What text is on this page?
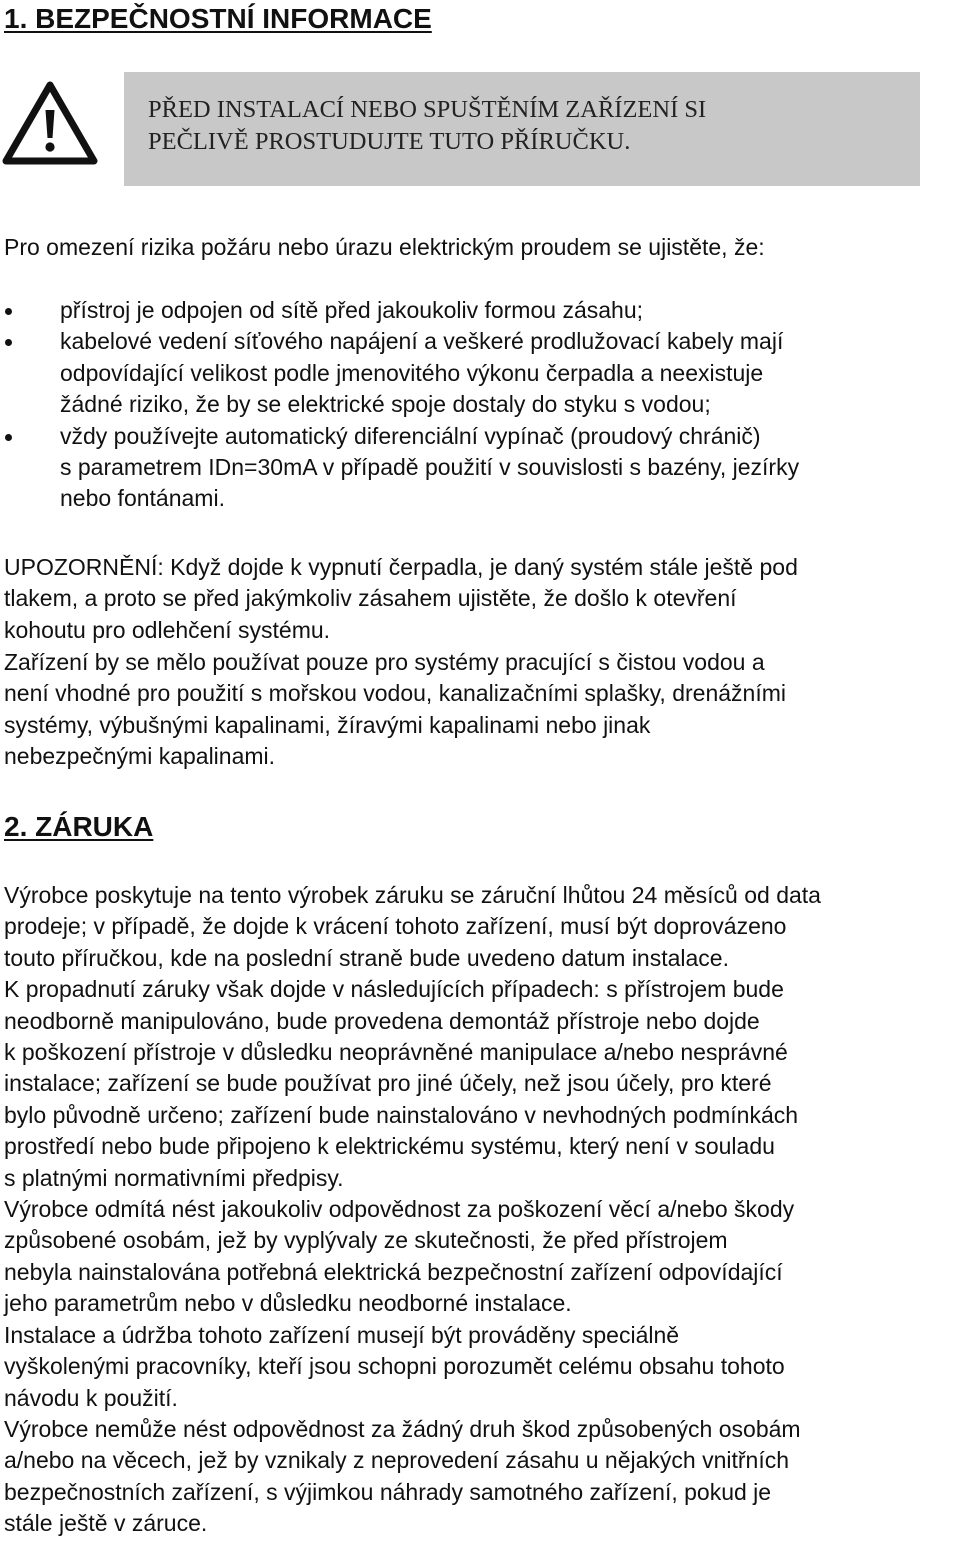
1. BEZPEČNOSTNÍ INFORMACE
PŘED INSTALACÍ NEBO SPUŠTĚNÍM ZAŘÍZENÍ SI
PEČLIVĚ PROSTUDUJTE TUTO PŘÍRUČKU.

Pro omezení rizika požáru nebo úrazu elektrickým proudem se ujistěte, že:

přístroj je odpojen od sítě před jakoukoliv formou zásahu;
kabelové vedení síťového napájení a veškeré prodlužovací kabely mají
odpovídající velikost podle jmenovitého výkonu čerpadla a neexistuje
žádné riziko, že by se elektrické spoje dostaly do styku s vodou;
vždy používejte automatický diferenciální vypínač (proudový chránič)
s parametrem IDn=30mA v případě použití v souvislosti s bazény, jezírky
nebo fontánami.
UPOZORNĚNÍ: Když dojde k vypnutí čerpadla, je daný systém stále ještě pod
tlakem, a proto se před jakýmkoliv zásahem ujistěte, že došlo k otevření
kohoutu pro odlehčení systému.
Zařízení by se mělo používat pouze pro systémy pracující s čistou vodou a
není vhodné pro použití s mořskou vodou, kanalizačními splašky, drenážními
systémy, výbušnými kapalinami, žíravými kapalinami nebo jinak
nebezpečnými kapalinami.
2. ZÁRUKA
Výrobce poskytuje na tento výrobek záruku se záruční lhůtou 24 měsíců od data
prodeje; v případě, že dojde k vrácení tohoto zařízení, musí být doprovázeno
touto příručkou, kde na poslední straně bude uvedeno datum instalace.
K propadnutí záruky však dojde v následujících případech: s přístrojem bude
neodborně manipulováno, bude provedena demontáž přístroje nebo dojde
k poškození přístroje v důsledku neoprávněné manipulace a/nebo nesprávné
instalace; zařízení se bude používat pro jiné účely, než jsou účely, pro které
bylo původně určeno; zařízení bude nainstalováno v nevhodných podmínkách
prostředí nebo bude připojeno k elektrickému systému, který není v souladu
s platnými normativními předpisy.
Výrobce odmítá nést jakoukoliv odpovědnost za poškození věcí a/nebo škody
způsobené osobám, jež by vyplývaly ze skutečnosti, že před přístrojem
nebyla nainstalována potřebná elektrická bezpečnostní zařízení odpovídající
jeho parametrům nebo v důsledku neodborné instalace.
Instalace a údržba tohoto zařízení musejí být prováděny speciálně
vyškolenými pracovníky, kteří jsou schopni porozumět celému obsahu tohoto
návodu k použití.
Výrobce nemůže nést odpovědnost za žádný druh škod způsobených osobám
a/nebo na věcech, jež by vznikaly z neprovedení zásahu u nějakých vnitřních
bezpečnostních zařízení, s výjimkou náhrady samotného zařízení, pokud je
stále ještě v záruce.
